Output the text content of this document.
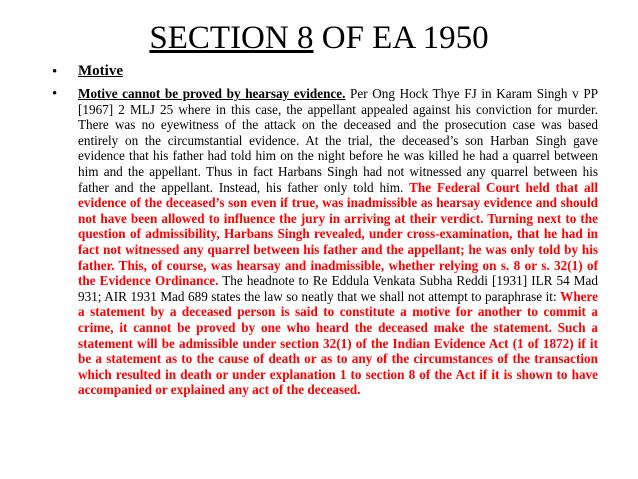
SECTION 8 OF EA 1950
• Motive
• Motive cannot be proved by hearsay evidence. Per Ong Hock Thye FJ in Karam Singh v PP [1967] 2 MLJ 25 where in this case, the appellant appealed against his conviction for murder. There was no eyewitness of the attack on the deceased and the prosecution case was based entirely on the circumstantial evidence. At the trial, the deceased’s son Harban Singh gave evidence that his father had told him on the night before he was killed he had a quarrel between him and the appellant. Thus in fact Harbans Singh had not witnessed any quarrel between his father and the appellant. Instead, his father only told him. The Federal Court held that all evidence of the deceased’s son even if true, was inadmissible as hearsay evidence and should not have been allowed to influence the jury in arriving at their verdict. Turning next to the question of admissibility, Harbans Singh revealed, under cross-examination, that he had in fact not witnessed any quarrel between his father and the appellant; he was only told by his father. This, of course, was hearsay and inadmissible, whether relying on s. 8 or s. 32(1) of the Evidence Ordinance. The headnote to Re Eddula Venkata Subha Reddi [1931] ILR 54 Mad 931; AIR 1931 Mad 689 states the law so neatly that we shall not attempt to paraphrase it: Where a statement by a deceased person is said to constitute a motive for another to commit a crime, it cannot be proved by one who heard the deceased make the statement. Such a statement will be admissible under section 32(1) of the Indian Evidence Act (1 of 1872) if it be a statement as to the cause of death or as to any of the circumstances of the transaction which resulted in death or under explanation 1 to section 8 of the Act if it is shown to have accompanied or explained any act of the deceased.
